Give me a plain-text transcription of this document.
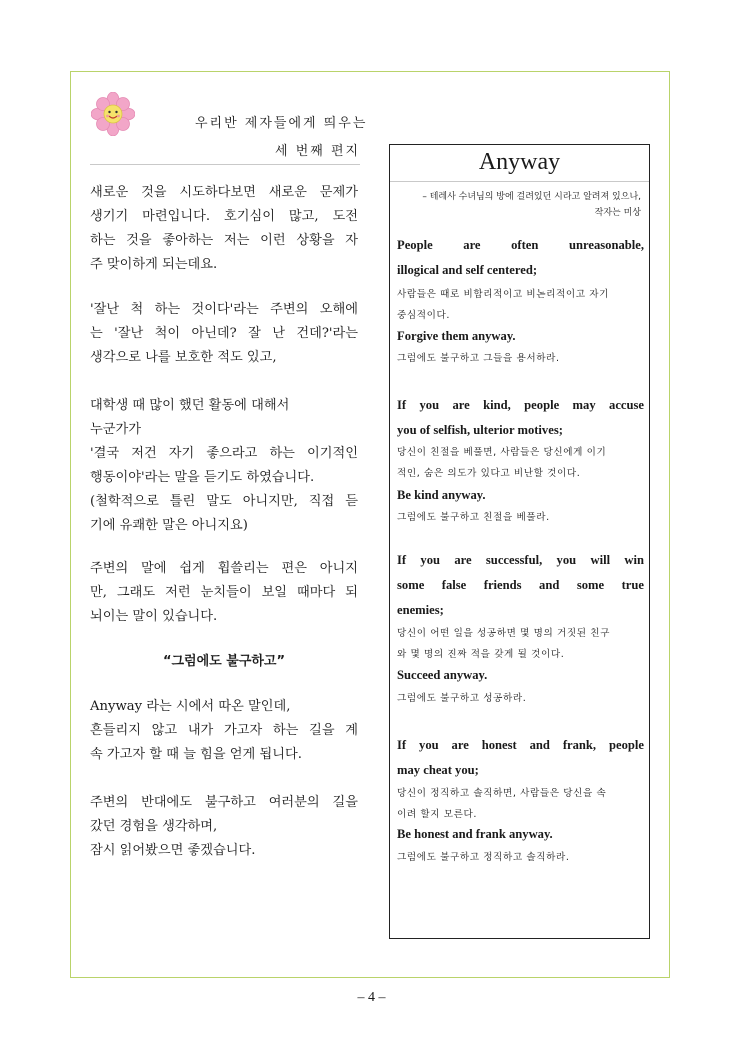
우리반 제자들에게 띄우는
세 번째 편지
새로운 것을 시도하다보면 새로운 문제가
생기기 마련입니다. 호기심이 많고, 도전
하는 것을 좋아하는 저는 이런 상황을 자
주 맞이하게 되는데요.
'잘난 척 하는 것이다'라는 주변의 오해에
는 '잘난 척이 아닌데? 잘 난 건데?'라는
생각으로 나를 보호한 적도 있고,
대학생 때 많이 했던 활동에 대해서
누군가가
'결국 저건 자기 좋으라고 하는 이기적인
행동이야'라는 말을 듣기도 하였습니다.
(철학적으로 틀린 말도 아니지만, 직접 듣
기에 유쾌한 말은 아니지요)
주변의 말에 쉽게 휩쓸리는 편은 아니지
만, 그래도 저런 눈치들이 보일 때마다 되
뇌이는 말이 있습니다.
“그럼에도 불구하고”
Anyway 라는 시에서 따온 말인데,
흔들리지 않고 내가 가고자 하는 길을 계
속 가고자 할 때 늘 힘을 얻게 됩니다.
주변의 반대에도 불구하고 여러분의 길을
갔던 경험을 생각하며,
잠시 읽어봤으면 좋겠습니다.
Anyway
– 테레사 수녀님의 방에 걸려있던 시라고 알려져 있으나,
작자는 미상
People are often unreasonable,
illogical and self centered;
사람들은 때로 비합리적이고 비논리적이고 자기
중심적이다.
Forgive them anyway.
그럼에도 불구하고 그들을 용서하라.
If you are kind, people may accuse
you of selfish, ulterior motives;
당신이 친절을 베풀면, 사람들은 당신에게 이기
적인, 숨은 의도가 있다고 비난할 것이다.
Be kind anyway.
그럼에도 불구하고 친절을 베풀라.
If you are successful, you will win
some false friends and some true
enemies;
당신이 어떤 일을 성공하면 몇 명의 거짓된 친구
와 몇 명의 진짜 적을 갖게 될 것이다.
Succeed anyway.
그럼에도 불구하고 성공하라.
If you are honest and frank, people
may cheat you;
당신이 정직하고 솔직하면, 사람들은 당신을 속
이려 할지 모른다.
Be honest and frank anyway.
그럼에도 불구하고 정직하고 솔직하라.
– 4 –
